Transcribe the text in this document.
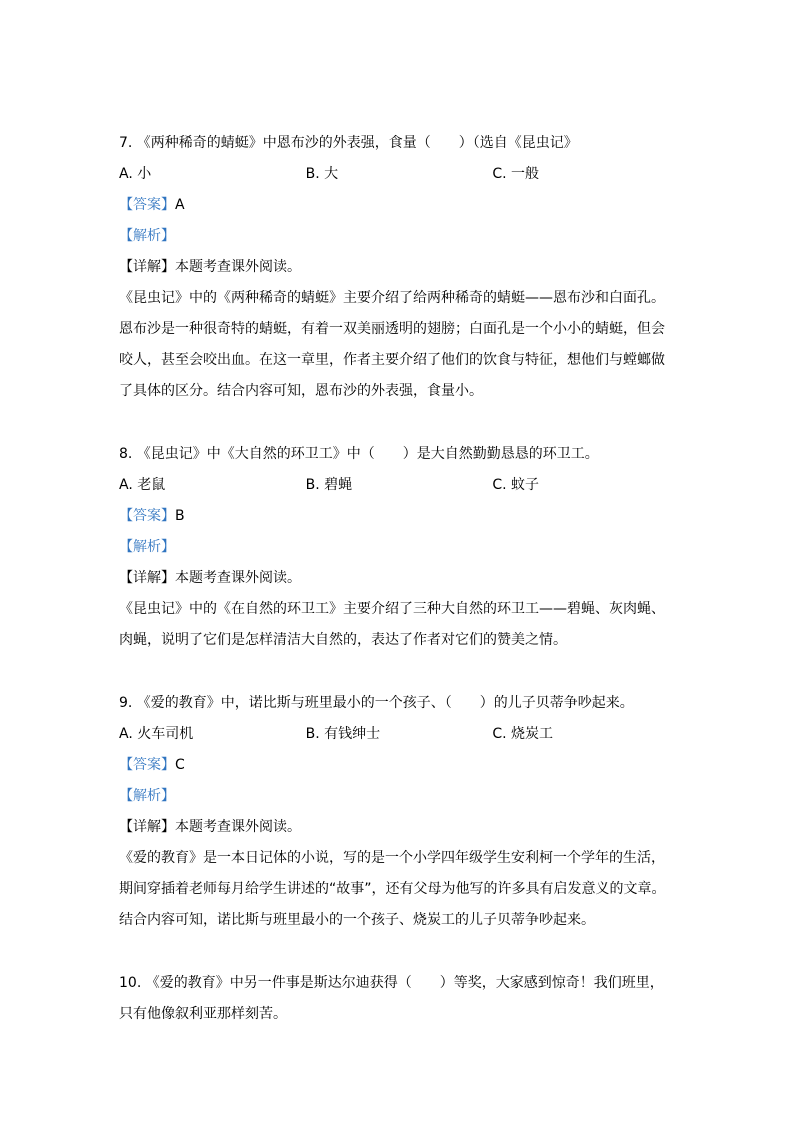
7. 《两种稀奇的蜻蜓》中恩布沙的外表强，食量（　　）（选自《昆虫记》
A. 小	B. 大	C. 一般
【答案】A
【解析】
【详解】本题考查课外阅读。
《昆虫记》中的《两种稀奇的蜻蜓》主要介绍了给两种稀奇的蜻蜓——恩布沙和白面孔。
恩布沙是一种很奇特的蜻蜓，有着一双美丽透明的翅膀；白面孔是一个小小的蜻蜓，但会
咬人，甚至会咬出血。在这一章里，作者主要介绍了他们的饮食与特征，想他们与螳螂做
了具体的区分。结合内容可知，恩布沙的外表强，食量小。
8. 《昆虫记》中《大自然的环卫工》中（　　）是大自然勤勤恳恳的环卫工。
A. 老鼠	B. 碧蝇	C. 蚊子
【答案】B
【解析】
【详解】本题考查课外阅读。
《昆虫记》中的《在自然的环卫工》主要介绍了三种大自然的环卫工——碧蝇、灰肉蝇、
肉蝇，说明了它们是怎样清洁大自然的，表达了作者对它们的赞美之情。
9. 《爱的教育》中，诺比斯与班里最小的一个孩子、（　　）的儿子贝蒂争吵起来。
A. 火车司机	B. 有钱绅士	C. 烧炭工
【答案】C
【解析】
【详解】本题考查课外阅读。
《爱的教育》是一本日记体的小说，写的是一个小学四年级学生安利柯一个学年的生活，
期间穿插着老师每月给学生讲述的“故事”，还有父母为他写的许多具有启发意义的文章。
结合内容可知，诺比斯与班里最小的一个孩子、烧炭工的儿子贝蒂争吵起来。
10. 《爱的教育》中另一件事是斯达尔迪获得（　　）等奖，大家感到惊奇！我们班里，
只有他像叙利亚那样刻苦。
